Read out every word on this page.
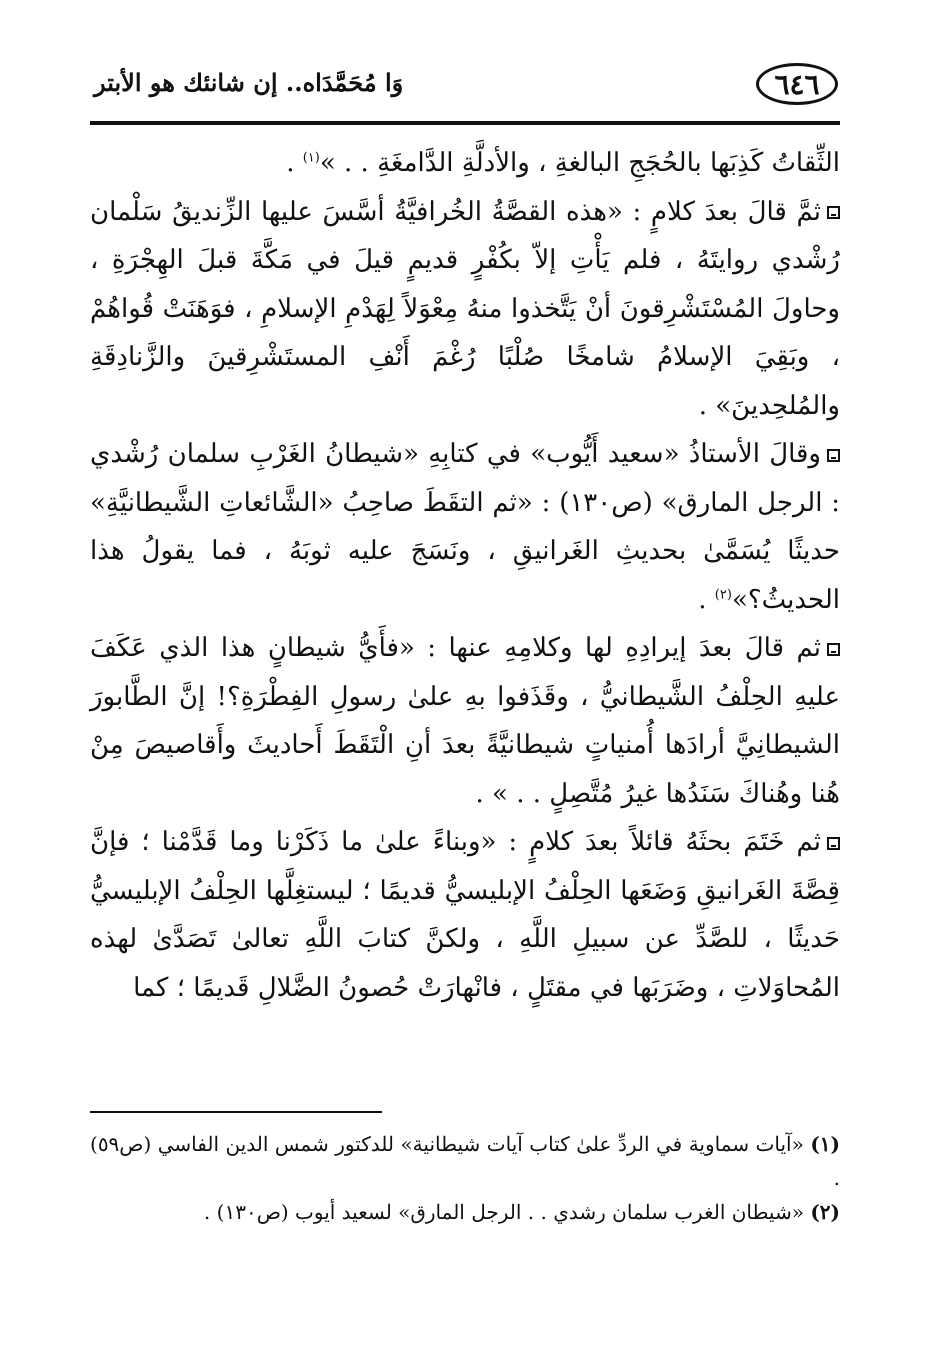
٦٤٦
وَا مُحَمَّدَاه.. إن شانئك هو الأبتر

الثِّقاتُ كَذِبَها بالحُجَجِ البالغةِ ، والأدلَّةِ الدَّامغَةِ . . »$^{(١)}$ .

ثمَّ قالَ بعدَ كلامٍ : «هذه القصَّةُ الخُرافيَّةُ أسَّسَ عليها الزِّنديقُ سَلْمان رُشْدي روايتَهُ ، فلم يَأْتِ إلاّ بكُفْرٍ قديمٍ قيلَ في مَكَّةَ قبلَ الهِجْرَةِ ، وحاولَ المُسْتَشْرِقونَ أنْ يَتَّخذوا منهُ مِعْوَلاً لِهَدْمِ الإسلامِ ، فوَهَنَتْ قُواهُمْ ، وبَقِيَ الإسلامُ شامخًا صُلْبًا رُغْمَ أَنْفِ المستَشْرِقينَ والزَّنادِقَةِ والمُلحِدينَ» .

وقالَ الأستاذُ «سعيد أَيُّوب» في كتابِهِ «شيطانُ الغَرْبِ سلمان رُشْدي : الرجل المارق» (ص١٣٠) : «ثم التقَطَ صاحِبُ «الشَّائعاتِ الشَّيطانيَّةِ» حديثًا يُسَمَّىٰ بحديثِ الغَرانيقِ ، ونَسَجَ عليه ثوبَهُ ، فما يقولُ هذا الحديثُ؟»$^{(٢)}$ .

ثم قالَ بعدَ إيرادِهِ لها وكلامِهِ عنها : «فأَيُّ شيطانٍ هذا الذي عَكَفَ عليهِ الحِلْفُ الشَّيطانيُّ ، وقَذَفوا بهِ علىٰ رسولِ الفِطْرَةِ؟! إنَّ الطَّابورَ الشيطانِيَّ أرادَها أُمنياتٍ شيطانيَّةً بعدَ أنِ الْتَقَطَ أَحاديثَ وأَقاصيصَ مِنْ هُنا وهُناكَ سَنَدُها غيرُ مُتَّصِلٍ . . » .

ثم خَتَمَ بحثَهُ قائلاً بعدَ كلامٍ : «وبناءً علىٰ ما ذَكَرْنا وما قَدَّمْنا ؛ فإنَّ قِصَّةَ الغَرانيقِ وَضَعَها الحِلْفُ الإبليسيُّ قديمًا ؛ ليستغِلَّها الحِلْفُ الإبليسيُّ حَديثًا ، للصَّدِّ عن سبيلِ اللَّهِ ، ولكنَّ كتابَ اللَّهِ تعالىٰ تَصَدَّىٰ لهذه المُحاوَلاتِ ، وضَرَبَها في مقتَلٍ ، فانْهارَتْ حُصونُ الضَّلالِ قَديمًا ؛ كما

(١) «آيات سماوية في الردِّ علىٰ كتاب آيات شيطانية» للدكتور شمس الدين الفاسي (ص٥٩) .

(٢) «شيطان الغرب سلمان رشدي . . الرجل المارق» لسعيد أيوب (ص١٣٠) .
